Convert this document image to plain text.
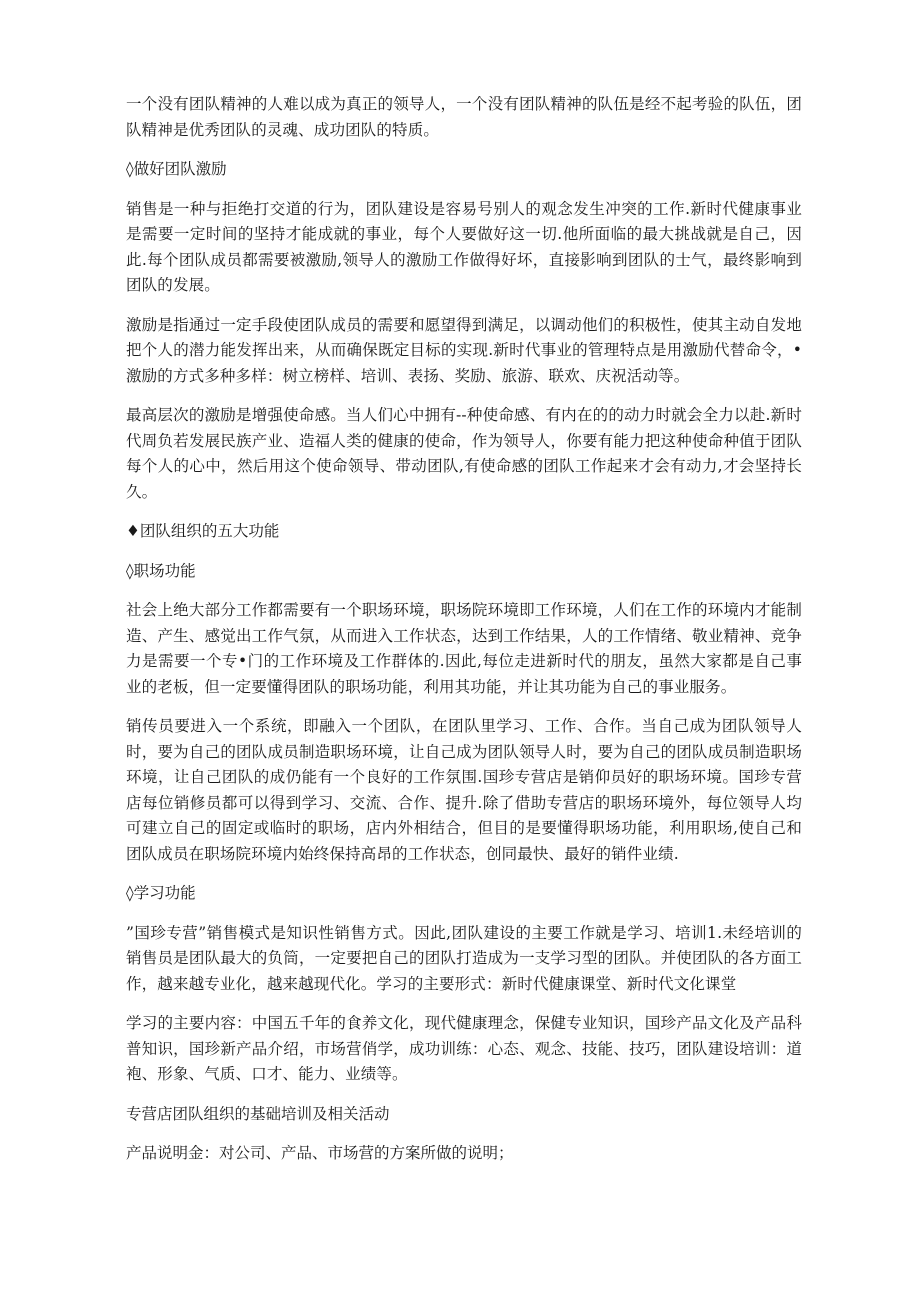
一个没有团队精神的人难以成为真正的领导人，一个没有团队精神的队伍是经不起考验的队伍，团队精神是优秀团队的灵魂、成功团队的特质。

◊做好团队激励

销售是一种与拒绝打交道的行为，团队建设是容易号别人的观念发生冲突的工作.新时代健康事业是需要一定时间的坚持才能成就的事业，每个人要做好这一切.他所面临的最大挑战就是自己，因此.每个团队成员都需要被激励,领导人的激励工作做得好坏，直接影响到团队的士气，最终影响到团队的发展。

激励是指通过一定手段使团队成员的需要和愿望得到满足，以调动他们的积极性，使其主动自发地把个人的潜力能发挥出来，从而确保既定目标的实现.新时代事业的管理特点是用激励代替命令，•激励的方式多种多样：树立榜样、培训、表扬、奖励、旅游、联欢、庆祝活动等。

最高层次的激励是增强使命感。当人们心中拥有--种使命感、有内在的的动力时就会全力以赴.新时代周负若发展民族产业、造福人类的健康的使命，作为领导人，你要有能力把这种使命种值于团队每个人的心中，然后用这个使命领导、带动团队,有使命感的团队工作起来才会有动力,才会坚持长久。

♦团队组织的五大功能

◊职场功能

社会上绝大部分工作都需要有一个职场环境，职场院环境即工作环境，人们在工作的环境内才能制造、产生、感觉出工作气氛，从而进入工作状态，达到工作结果，人的工作情绪、敬业精神、竞争力是需要一个专•门的工作环境及工作群体的.因此,每位走进新时代的朋友，虽然大家都是自己事业的老板，但一定要懂得团队的职场功能，利用其功能，并让其功能为自己的事业服务。

销传员要进入一个系统，即融入一个团队，在团队里学习、工作、合作。当自己成为团队领导人时，要为自己的团队成员制造职场环境，让自己成为团队领导人时，要为自己的团队成员制造职场环境，让自己团队的成仍能有一个良好的工作氛围.国珍专营店是销仰员好的职场环境。国珍专营店每位销修员都可以得到学习、交流、合作、提升.除了借助专营店的职场环境外，每位领导人均可建立自己的固定或临时的职场，店内外相结合，但目的是要懂得职场功能，利用职场,使自己和团队成员在职场院环境内始终保持高昂的工作状态，创同最快、最好的销件业绩.

◊学习功能

”国珍专营”销售模式是知识性销售方式。因此,团队建设的主要工作就是学习、培训1.未经培训的销售员是团队最大的负筒，一定要把自己的团队打造成为一支学习型的团队。并使团队的各方面工作，越来越专业化，越来越现代化。学习的主要形式：新时代健康课堂、新时代文化课堂

学习的主要内容：中国五千年的食养文化，现代健康理念，保健专业知识，国珍产品文化及产品科普知识，国珍新产品介绍，市场营俏学，成功训练：心态、观念、技能、技巧，团队建设培训：道袍、形象、气质、口才、能力、业绩等。

专营店团队组织的基础培训及相关活动

产品说明金：对公司、产品、市场营的方案所做的说明；
